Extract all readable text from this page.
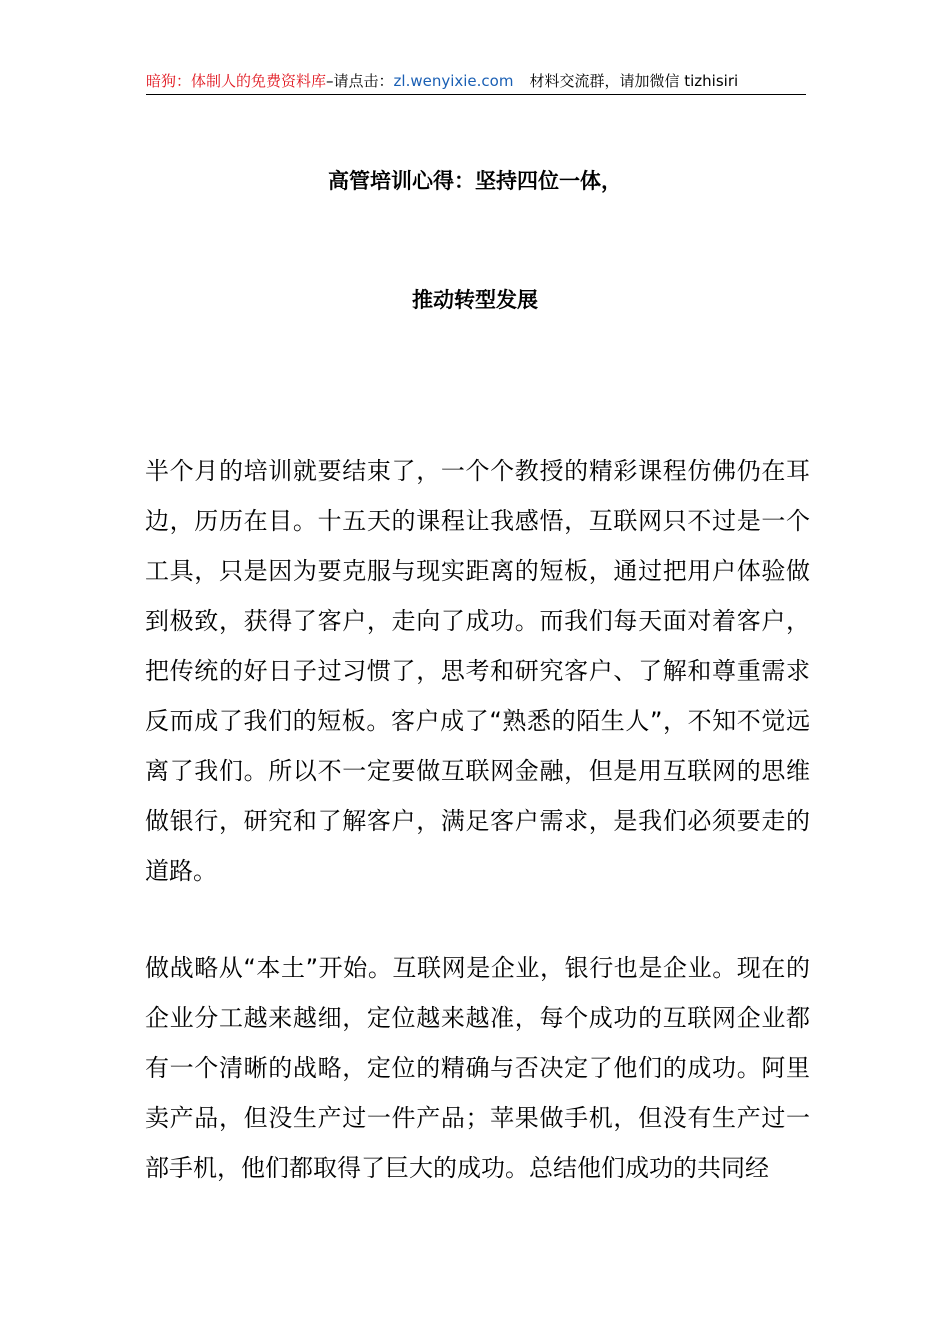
暗狗：体制人的免费资料库–请点击：zl.wenyixie.com 材料交流群，请加微信 tizhisiri
高管培训心得：坚持四位一体，
推动转型发展

半个月的培训就要结束了，一个个教授的精彩课程仿佛仍在耳边，历历在目。十五天的课程让我感悟，互联网只不过是一个工具，只是因为要克服与现实距离的短板，通过把用户体验做到极致，获得了客户，走向了成功。而我们每天面对着客户，把传统的好日子过习惯了，思考和研究客户、了解和尊重需求反而成了我们的短板。客户成了“熟悉的陌生人”，不知不觉远离了我们。所以不一定要做互联网金融，但是用互联网的思维做银行，研究和了解客户，满足客户需求，是我们必须要走的道路。

做战略从“本土”开始。互联网是企业，银行也是企业。现在的企业分工越来越细，定位越来越准，每个成功的互联网企业都有一个清晰的战略，定位的精确与否决定了他们的成功。阿里卖产品，但没生产过一件产品；苹果做手机，但没有生产过一部手机，他们都取得了巨大的成功。总结他们成功的共同经
